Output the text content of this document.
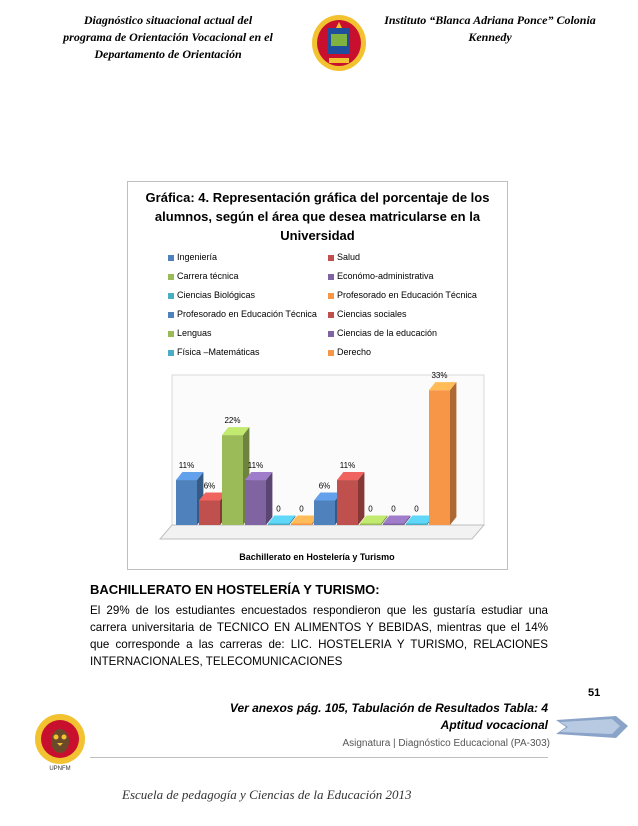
Diagnóstico situacional actual del programa de Orientación Vocacional en el Departamento de Orientación
Instituto “Blanca Adriana Ponce” Colonia Kennedy
Gráfica: 4. Representación gráfica del porcentaje de los alumnos, según el área que desea matricularse en la Universidad
Ingeniería	Salud
Carrera técnica	Económo-administrativa
Ciencias Biológicas	Profesorado en Educación Técnica
Profesorado en Educación Técnica	Ciencias sociales
Lenguas	Ciencias de la educación
Física –Matemáticas	Derecho
11%
6%
22%
11%
0 0
6%
11%
0 0 0
33%
Bachillerato en Hostelería y Turismo
BACHILLERATO EN HOSTELERÍA Y TURISMO:
El 29% de los estudiantes encuestados respondieron que les gustaría estudiar una carrera universitaria de TECNICO EN ALIMENTOS Y BEBIDAS, mientras que el 14% que corresponde a las carreras de: LIC. HOSTELERIA Y TURISMO, RELACIONES INTERNACIONALES, TELECOMUNICACIONES
51
Ver anexos pág. 105, Tabulación de Resultados Tabla: 4
Aptitud vocacional
UPNFM
Asignatura | Diagnóstico Educacional (PA-303)
Escuela de pedagogía y Ciencias de la Educación 2013
